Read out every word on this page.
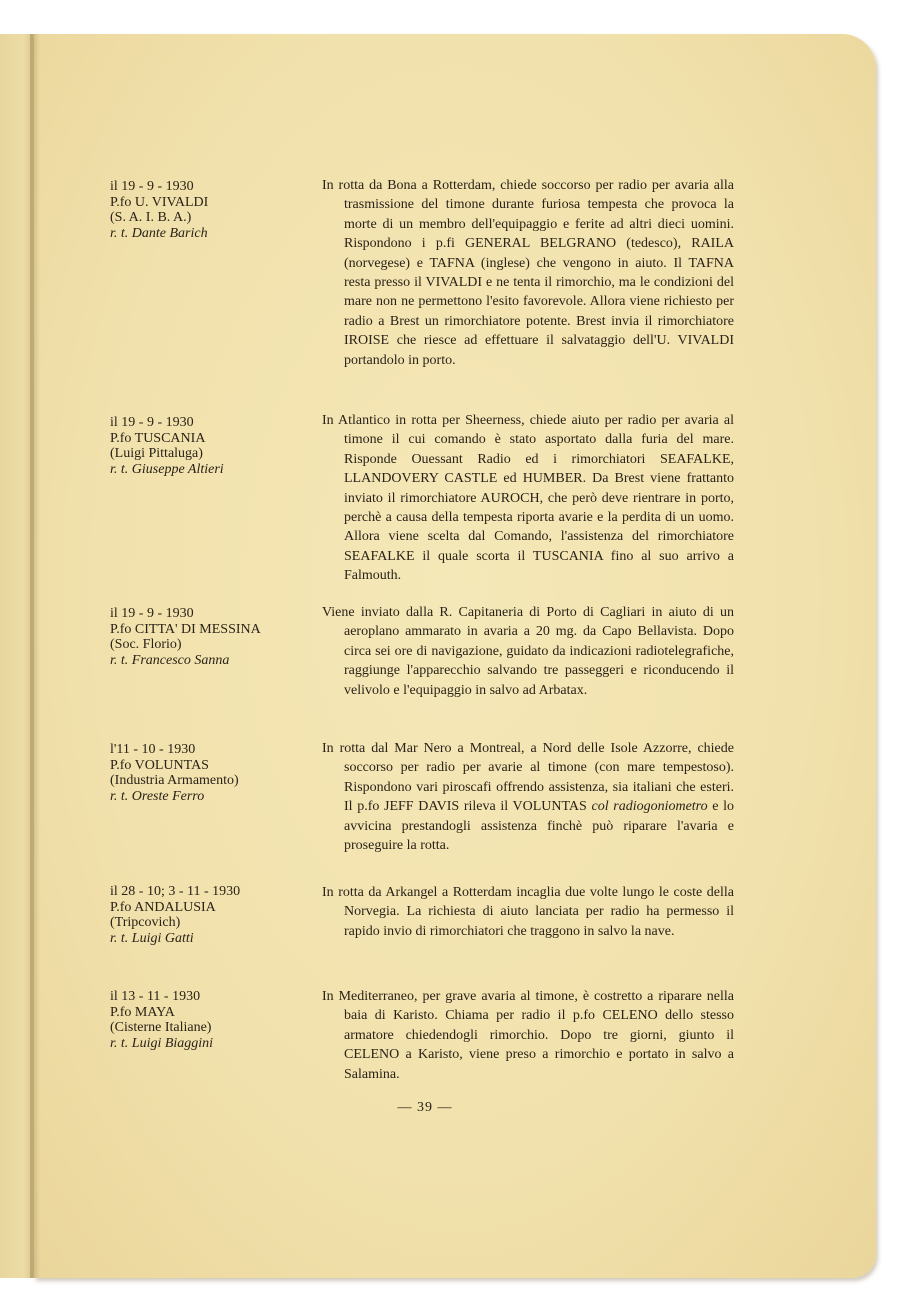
il 19 - 9 - 1930
P.fo U. VIVALDI
(S. A. I. B. A.)
r. t. Dante Barich

In rotta da Bona a Rotterdam, chiede soccorso per radio per avaria alla trasmissione del timone durante furiosa tempesta che provoca la morte di un membro dell'equipaggio e ferite ad altri dieci uomini. Rispondono i p.fi GENERAL BELGRANO (tedesco), RAILA (norvegese) e TAFNA (inglese) che vengono in aiuto. Il TAFNA resta presso il VIVALDI e ne tenta il rimorchio, ma le condizioni del mare non ne permettono l'esito favorevole. Allora viene richiesto per radio a Brest un rimorchiatore potente. Brest invia il rimorchiatore IROISE che riesce ad effettuare il salvataggio dell'U. VIVALDI portandolo in porto.

il 19 - 9 - 1930
P.fo TUSCANIA
(Luigi Pittaluga)
r. t. Giuseppe Altieri

In Atlantico in rotta per Sheerness, chiede aiuto per radio per avaria al timone il cui comando è stato asportato dalla furia del mare. Risponde Ouessant Radio ed i rimorchiatori SEAFALKE, LLANDOVERY CASTLE ed HUMBER. Da Brest viene frattanto inviato il rimorchiatore AUROCH, che però deve rientrare in porto, perchè a causa della tempesta riporta avarie e la perdita di un uomo. Allora viene scelta dal Comando, l'assistenza del rimorchiatore SEAFALKE il quale scorta il TUSCANIA fino al suo arrivo a Falmouth.

il 19 - 9 - 1930
P.fo CITTA' DI MESSINA
(Soc. Florio)
r. t. Francesco Sanna

Viene inviato dalla R. Capitaneria di Porto di Cagliari in aiuto di un aeroplano ammarato in avaria a 20 mg. da Capo Bellavista. Dopo circa sei ore di navigazione, guidato da indicazioni radiotelegrafiche, raggiunge l'apparecchio salvando tre passeggeri e riconducendo il velivolo e l'equipaggio in salvo ad Arbatax.

l'11 - 10 - 1930
P.fo VOLUNTAS
(Industria Armamento)
r. t. Oreste Ferro

In rotta dal Mar Nero a Montreal, a Nord delle Isole Azzorre, chiede soccorso per radio per avarie al timone (con mare tempestoso). Rispondono vari piroscafi offrendo assistenza, sia italiani che esteri. Il p.fo JEFF DAVIS rileva il VOLUNTAS col radiogoniometro e lo avvicina prestandogli assistenza finchè può riparare l'avaria e proseguire la rotta.

il 28 - 10; 3 - 11 - 1930
P.fo ANDALUSIA
(Tripcovich)
r. t. Luigi Gatti

In rotta da Arkangel a Rotterdam incaglia due volte lungo le coste della Norvegia. La richiesta di aiuto lanciata per radio ha permesso il rapido invio di rimorchiatori che traggono in salvo la nave.

il 13 - 11 - 1930
P.fo MAYA
(Cisterne Italiane)
r. t. Luigi Biaggini

In Mediterraneo, per grave avaria al timone, è costretto a riparare nella baia di Karisto. Chiama per radio il p.fo CELENO dello stesso armatore chiedendogli rimorchio. Dopo tre giorni, giunto il CELENO a Karisto, viene preso a rimorchio e portato in salvo a Salamina.

— 39 —
